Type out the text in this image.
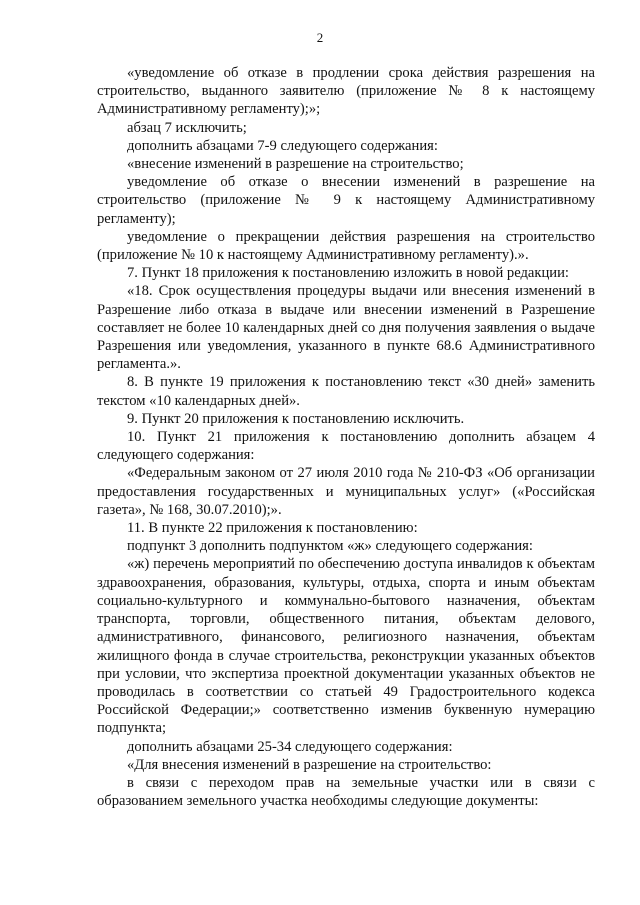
2

«уведомление об отказе в продлении срока действия разрешения на строительство, выданного заявителю (приложение № 8 к настоящему Административному регламенту);»;

абзац 7 исключить;

дополнить абзацами 7-9 следующего содержания:

«внесение изменений в разрешение на строительство;

уведомление об отказе о внесении изменений в разрешение на строительство (приложение № 9 к настоящему Административному регламенту);

уведомление о прекращении действия разрешения на строительство (приложение № 10 к настоящему Административному регламенту).».

7. Пункт 18 приложения к постановлению изложить в новой редакции:

«18. Срок осуществления процедуры выдачи или внесения изменений в Разрешение либо отказа в выдаче или внесении изменений в Разрешение составляет не более 10 календарных дней со дня получения заявления о выдаче Разрешения или уведомления, указанного в пункте 68.6 Административного регламента.».

8. В пункте 19 приложения к постановлению текст «30 дней» заменить текстом «10 календарных дней».

9. Пункт 20 приложения к постановлению исключить.

10. Пункт 21 приложения к постановлению дополнить абзацем 4 следующего содержания:

«Федеральным законом от 27 июля 2010 года № 210-ФЗ «Об организации предоставления государственных и муниципальных услуг» («Российская газета», № 168, 30.07.2010);».

11. В пункте 22 приложения к постановлению:

подпункт 3 дополнить подпунктом «ж» следующего содержания:

«ж) перечень мероприятий по обеспечению доступа инвалидов к объектам здравоохранения, образования, культуры, отдыха, спорта и иным объектам социально-культурного и коммунально-бытового назначения, объектам транспорта, торговли, общественного питания, объектам делового, административного, финансового, религиозного назначения, объектам жилищного фонда в случае строительства, реконструкции указанных объектов при условии, что экспертиза проектной документации указанных объектов не проводилась в соответствии со статьей 49 Градостроительного кодекса Российской Федерации;» соответственно изменив буквенную нумерацию подпункта;

дополнить абзацами 25-34 следующего содержания:

«Для внесения изменений в разрешение на строительство:

в связи с переходом прав на земельные участки или в связи с образованием земельного участка необходимы следующие документы:
